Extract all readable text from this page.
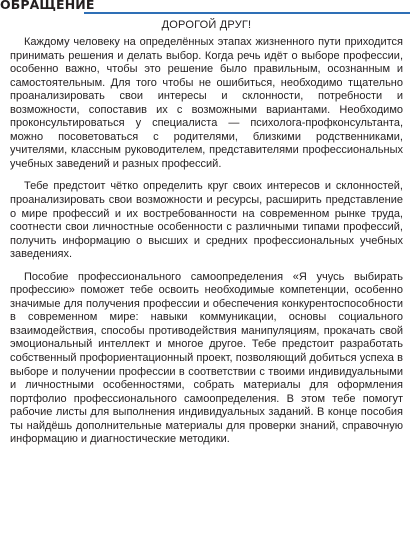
ОБРАЩЕНИЕ

ДОРОГОЙ ДРУГ!

Каждому человеку на определённых этапах жизненного пути приходится принимать решения и делать выбор. Когда речь идёт о выборе профессии, особенно важно, чтобы это решение было правильным, осознанным и самостоятельным. Для того чтобы не ошибиться, необходимо тщательно проанализировать свои интересы и склонности, потребности и возможности, сопоставив их с возможными вариантами. Необходимо проконсультироваться у специалиста — психолога-профконсультанта, можно посоветоваться с родителями, близкими родственниками, учителями, классным руководителем, представителями профессиональных учебных заведений и разных профессий.

Тебе предстоит чётко определить круг своих интересов и склонностей, проанализировать свои возможности и ресурсы, расширить представление о мире профессий и их востребованности на современном рынке труда, соотнести свои личностные особенности с различными типами профессий, получить информацию о высших и средних профессиональных учебных заведениях.

Пособие профессионального самоопределения «Я учусь выбирать профессию» поможет тебе освоить необходимые компетенции, особенно значимые для получения профессии и обеспечения конкурентоспособности в современном мире: навыки коммуникации, основы социального взаимодействия, способы противодействия манипуляциям, прокачать свой эмоциональный интеллект и многое другое. Тебе предстоит разработать собственный профориентационный проект, позволяющий добиться успеха в выборе и получении профессии в соответствии с твоими индивидуальными и личностными особенностями, собрать материалы для оформления портфолио профессионального самоопределения. В этом тебе помогут рабочие листы для выполнения индивидуальных заданий. В конце пособия ты найдёшь дополнительные материалы для проверки знаний, справочную информацию и диагностические методики.
